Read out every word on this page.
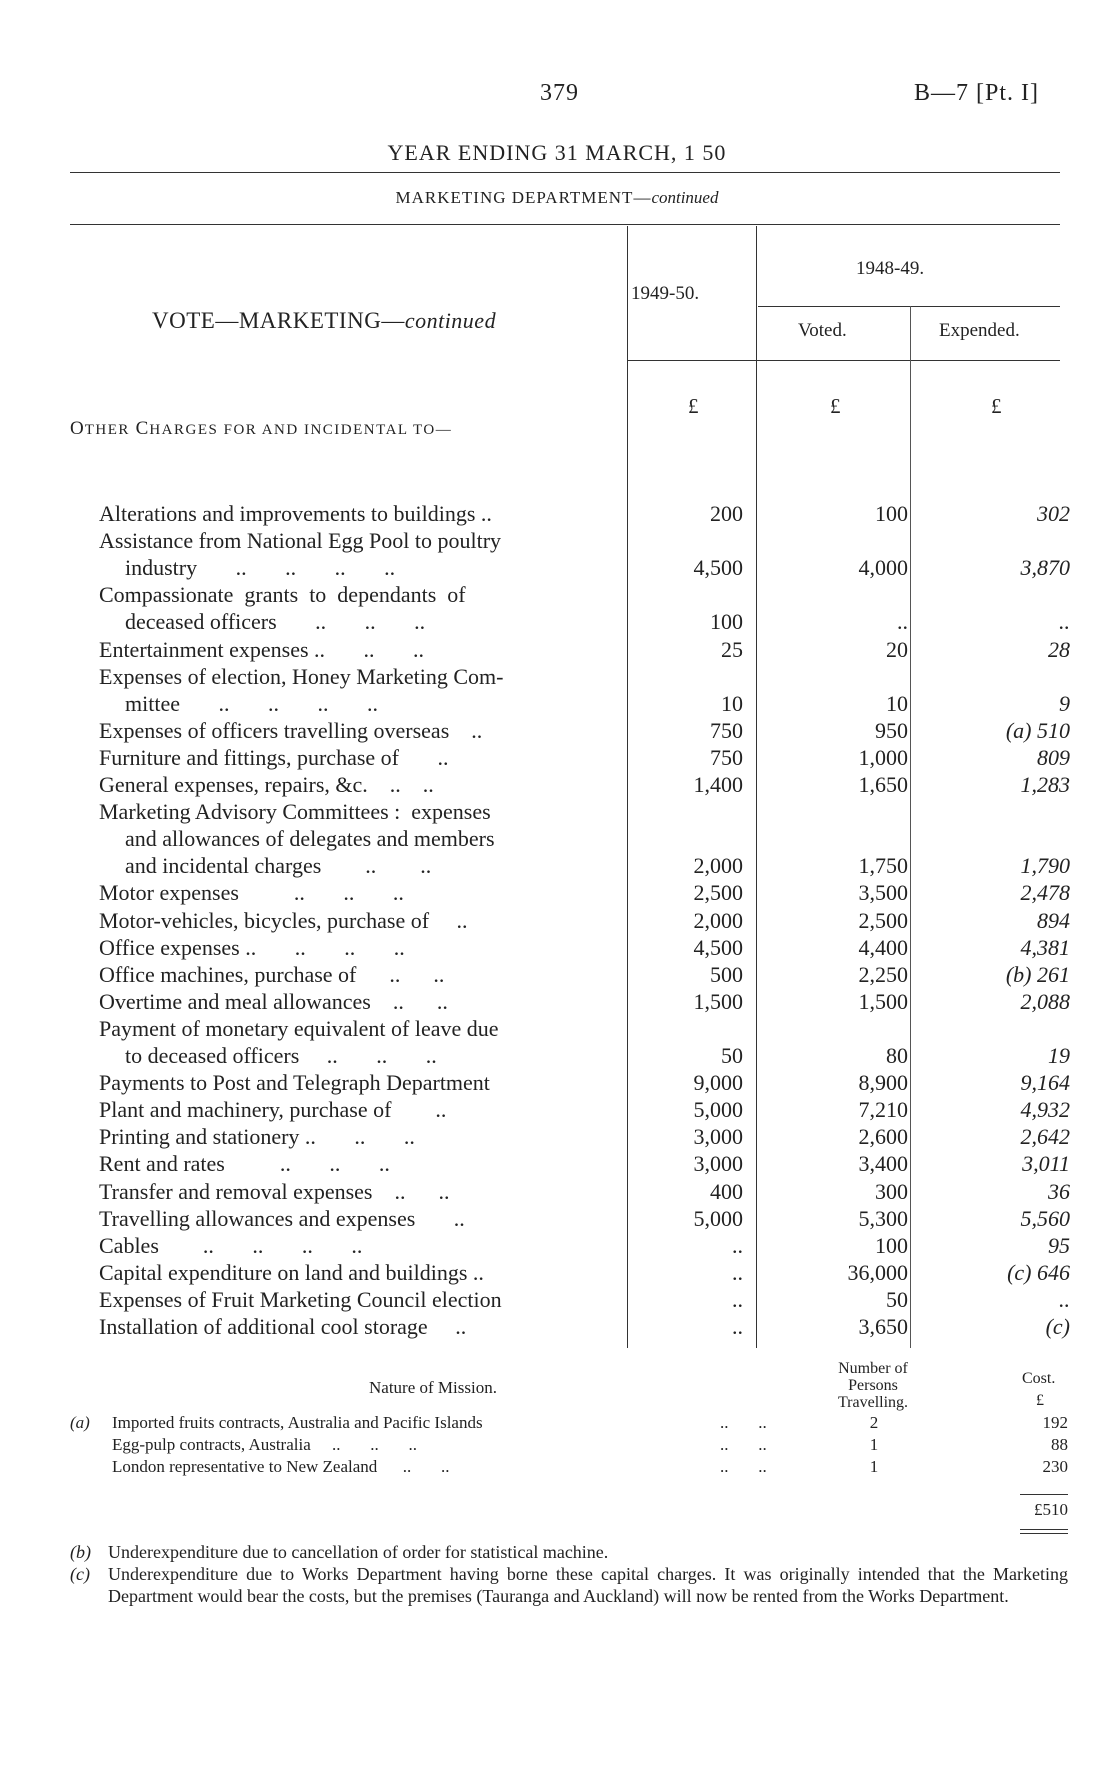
379	B—7 [Pt. I]
YEAR ENDING 31 MARCH, 1 50
MARKETING DEPARTMENT—continued
VOTE—MARKETING—continued
1949-50.
1948-49.
Voted.	Expended.
£	£	£
OTHER CHARGES FOR AND INCIDENTAL TO—
Alterations and improvements to buildings ..	200	100	302
Assistance from National Egg Pool to poultry
industry       ..       ..       ..       ..	4,500	4,000	3,870
Compassionate  grants  to  dependants  of
deceased officers       ..       ..       ..	100	..	..
Entertainment expenses ..       ..       ..	25	20	28
Expenses of election, Honey Marketing Com-
mittee       ..       ..       ..       ..	10	10	9
Expenses of officers travelling overseas    ..	750	950	(a) 510
Furniture and fittings, purchase of       ..	750	1,000	809
General expenses, repairs, &c.    ..    ..	1,400	1,650	1,283
Marketing Advisory Committees :  expenses
and allowances of delegates and members
and incidental charges        ..        ..	2,000	1,750	1,790
Motor expenses          ..       ..       ..	2,500	3,500	2,478
Motor-vehicles, bicycles, purchase of     ..	2,000	2,500	894
Office expenses ..       ..       ..       ..	4,500	4,400	4,381
Office machines, purchase of      ..      ..	500	2,250	(b) 261
Overtime and meal allowances    ..      ..	1,500	1,500	2,088
Payment of monetary equivalent of leave due
to deceased officers     ..       ..       ..	50	80	19
Payments to Post and Telegraph Department	9,000	8,900	9,164
Plant and machinery, purchase of        ..	5,000	7,210	4,932
Printing and stationery ..       ..       ..	3,000	2,600	2,642
Rent and rates          ..       ..       ..	3,000	3,400	3,011
Transfer and removal expenses    ..      ..	400	300	36
Travelling allowances and expenses       ..	5,000	5,300	5,560
Cables        ..       ..       ..       ..	..	100	95
Capital expenditure on land and buildings ..	..	36,000	(c) 646
Expenses of Fruit Marketing Council election	..	50	..
Installation of additional cool storage     ..	..	3,650	(c)
Nature of Mission.
Number of
Persons
Travelling.
Cost.
£
(a) Imported fruits contracts, Australia and Pacific Islands	..       ..	2	192
Egg-pulp contracts, Australia     ..       ..       ..	..       ..	1	88
London representative to New Zealand      ..       ..	..       ..	1	230
£510
(b) Underexpenditure due to cancellation of order for statistical machine.
(c) Underexpenditure due to Works Department having borne these capital charges. It was originally intended that the Marketing Department would bear the costs, but the premises (Tauranga and Auckland) will now be rented from the Works Department.
